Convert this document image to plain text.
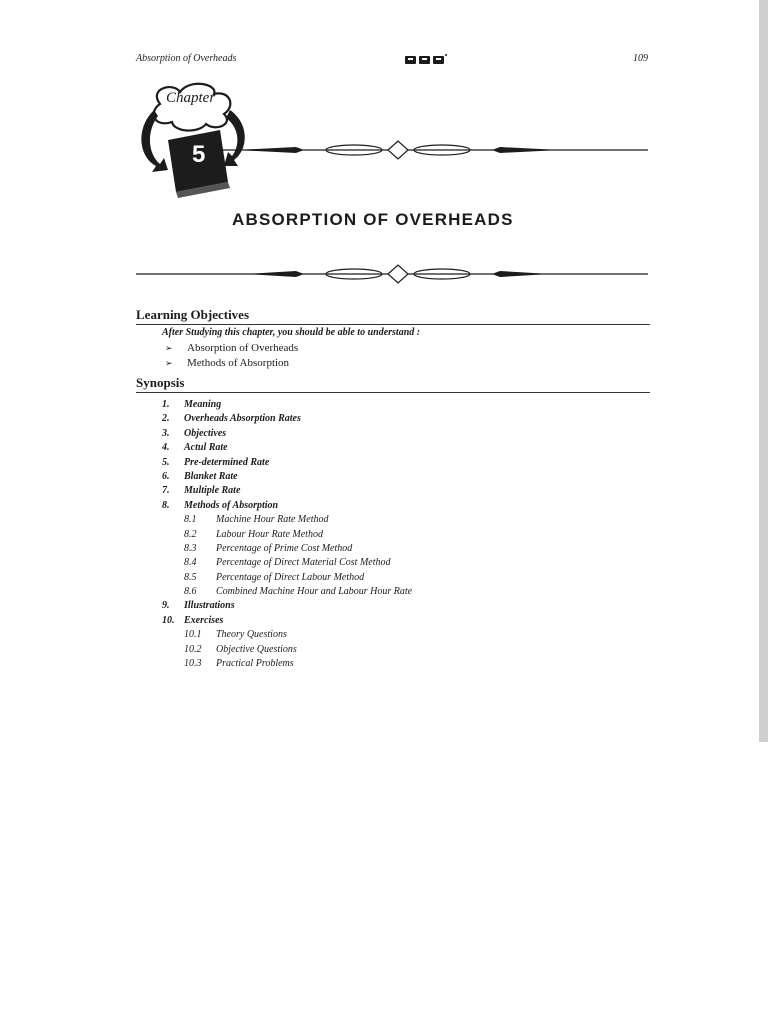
Absorption of Overheads	109
Chapter
5
ABSORPTION OF OVERHEADS
Learning Objectives
After Studying this chapter, you should be able to understand :
➢ Absorption of Overheads
➢ Methods of Absorption
Synopsis
1. Meaning
2. Overheads Absorption Rates
3. Objectives
4. Actul Rate
5. Pre-determined Rate
6. Blanket Rate
7. Multiple Rate
8. Methods of Absorption
8.1 Machine Hour Rate Method
8.2 Labour Hour Rate Method
8.3 Percentage of Prime Cost Method
8.4 Percentage of Direct Material Cost Method
8.5 Percentage of Direct Labour Method
8.6 Combined Machine Hour and Labour Hour Rate
9. Illustrations
10. Exercises
10.1 Theory Questions
10.2 Objective Questions
10.3 Practical Problems
